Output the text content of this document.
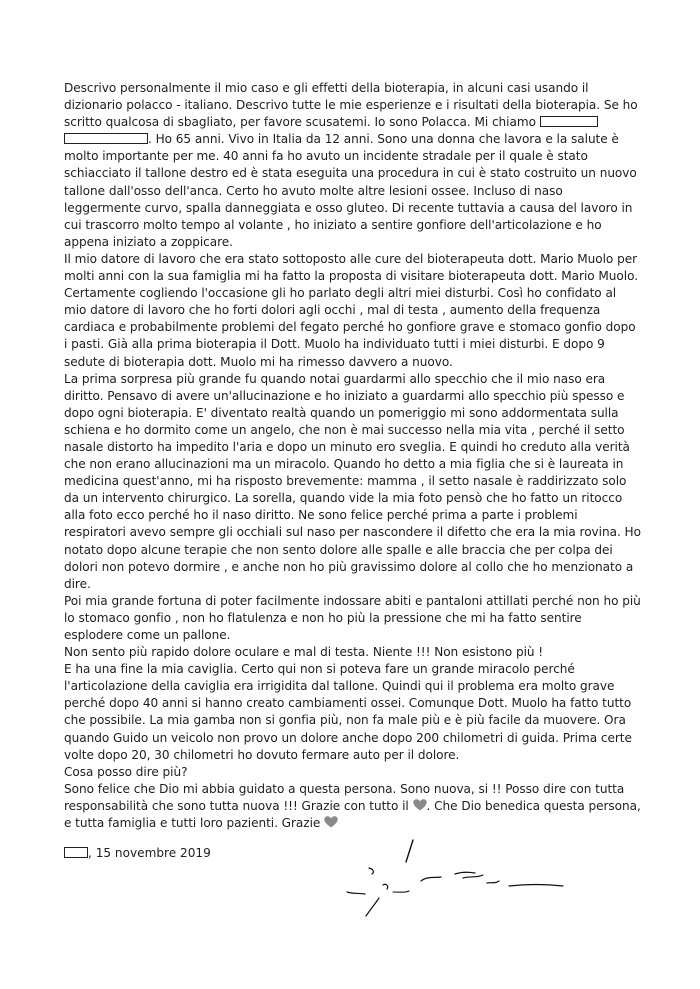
Descrivo personalmente il mio caso e gli effetti della bioterapia, in alcuni casi usando il dizionario polacco - italiano. Descrivo tutte le mie esperienze e i risultati della bioterapia. Se ho scritto qualcosa di sbagliato, per favore scusatemi. Io sono Polacca. Mi chiamo
. Ho 65 anni. Vivo in Italia da 12 anni. Sono una donna che lavora e la salute è molto importante per me. 40 anni fa ho avuto un incidente stradale per il quale è stato schiacciato il tallone destro ed è stata eseguita una procedura in cui è stato costruito un nuovo tallone dall'osso dell'anca. Certo ho avuto molte altre lesioni ossee. Incluso di naso leggermente curvo, spalla danneggiata e osso gluteo. Di recente tuttavia a causa del lavoro in cui trascorro molto tempo al volante , ho iniziato a sentire gonfiore dell'articolazione e ho appena iniziato a zoppicare.

Il mio datore di lavoro che era stato sottoposto alle cure del bioterapeuta dott. Mario Muolo per molti anni con la sua famiglia mi ha fatto la proposta di visitare bioterapeuta dott. Mario Muolo. Certamente cogliendo l'occasione gli ho parlato degli altri miei disturbi. Così ho confidato al mio datore di lavoro che ho forti dolori agli occhi , mal di testa , aumento della frequenza cardiaca e probabilmente problemi del fegato perché ho gonfiore grave e stomaco gonfio dopo i pasti. Già alla prima bioterapia il Dott. Muolo ha individuato tutti i miei disturbi. E dopo 9 sedute di bioterapia dott. Muolo mi ha rimesso davvero a nuovo.

La prima sorpresa più grande fu quando notai guardarmi allo specchio che il mio naso era diritto. Pensavo di avere un'allucinazione e ho iniziato a guardarmi allo specchio più spesso e dopo ogni bioterapia. E' diventato realtà quando un pomeriggio mi sono addormentata sulla schiena e ho dormito come un angelo, che non è mai successo nella mia vita , perché il setto nasale distorto ha impedito l'aria e dopo un minuto ero sveglia. E quindi ho creduto alla verità che non erano allucinazioni ma un miracolo. Quando ho detto a mia figlia che si è laureata in medicina quest'anno, mi ha risposto brevemente: mamma , il setto nasale è raddirizzato solo da un intervento chirurgico. La sorella, quando vide la mia foto pensò che ho fatto un ritocco alla foto ecco perché ho il naso diritto. Ne sono felice perché prima a parte i problemi respiratori avevo sempre gli occhiali sul naso per nascondere il difetto che era la mia rovina. Ho notato dopo alcune terapie che non sento dolore alle spalle e alle braccia che per colpa dei dolori non potevo dormire , e anche non ho più gravissimo dolore al collo che ho menzionato a dire.

Poi mia grande fortuna di poter facilmente indossare abiti e pantaloni attillati perché non ho più lo stomaco gonfio , non ho flatulenza e non ho più la pressione che mi ha fatto sentire esplodere come un pallone.

Non sento più rapido dolore oculare e mal di testa. Niente !!! Non esistono più !

E ha una fine la mia caviglia. Certo qui non si poteva fare un grande miracolo perché l'articolazione della caviglia era irrigidita dal tallone. Quindi qui il problema era molto grave perché dopo 40 anni si hanno creato cambiamenti ossei. Comunque Dott. Muolo ha fatto tutto che possibile. La mia gamba non si gonfia più, non fa male più e è più facile da muovere. Ora quando Guido un veicolo non provo un dolore anche dopo 200 chilometri di guida. Prima certe volte dopo 20, 30 chilometri ho dovuto fermare auto per il dolore.

Cosa posso dire più?

Sono felice che Dio mi abbia guidato a questa persona. Sono nuova, si !! Posso dire con tutta responsabilità che sono tutta nuova !!! Grazie con tutto il . Che Dio benedica questa persona, e tutta famiglia e tutti loro pazienti. Grazie

, 15 novembre 2019
